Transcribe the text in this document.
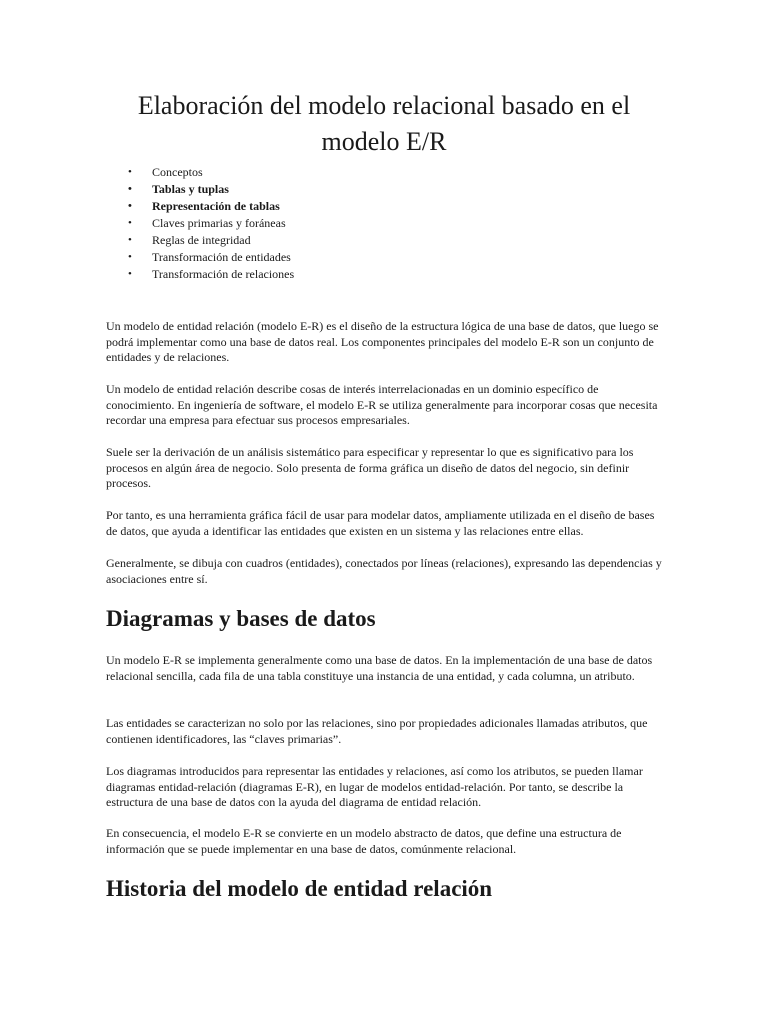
Elaboración del modelo relacional basado en el modelo E/R
• Conceptos
• Tablas y tuplas
• Representación de tablas
• Claves primarias y foráneas
• Reglas de integridad
• Transformación de entidades
• Transformación de relaciones

Un modelo de entidad relación (modelo E-R) es el diseño de la estructura lógica de una base de datos, que luego se podrá implementar como una base de datos real. Los componentes principales del modelo E-R son un conjunto de entidades y de relaciones.

Un modelo de entidad relación describe cosas de interés interrelacionadas en un dominio específico de conocimiento. En ingeniería de software, el modelo E-R se utiliza generalmente para incorporar cosas que necesita recordar una empresa para efectuar sus procesos empresariales.

Suele ser la derivación de un análisis sistemático para especificar y representar lo que es significativo para los procesos en algún área de negocio. Solo presenta de forma gráfica un diseño de datos del negocio, sin definir procesos.

Por tanto, es una herramienta gráfica fácil de usar para modelar datos, ampliamente utilizada en el diseño de bases de datos, que ayuda a identificar las entidades que existen en un sistema y las relaciones entre ellas.

Generalmente, se dibuja con cuadros (entidades), conectados por líneas (relaciones), expresando las dependencias y asociaciones entre sí.

Diagramas y bases de datos

Un modelo E-R se implementa generalmente como una base de datos. En la implementación de una base de datos relacional sencilla, cada fila de una tabla constituye una instancia de una entidad, y cada columna, un atributo.

Las entidades se caracterizan no solo por las relaciones, sino por propiedades adicionales llamadas atributos, que contienen identificadores, las “claves primarias”.

Los diagramas introducidos para representar las entidades y relaciones, así como los atributos, se pueden llamar diagramas entidad-relación (diagramas E-R), en lugar de modelos entidad-relación. Por tanto, se describe la estructura de una base de datos con la ayuda del diagrama de entidad relación.

En consecuencia, el modelo E-R se convierte en un modelo abstracto de datos, que define una estructura de información que se puede implementar en una base de datos, comúnmente relacional.

Historia del modelo de entidad relación
